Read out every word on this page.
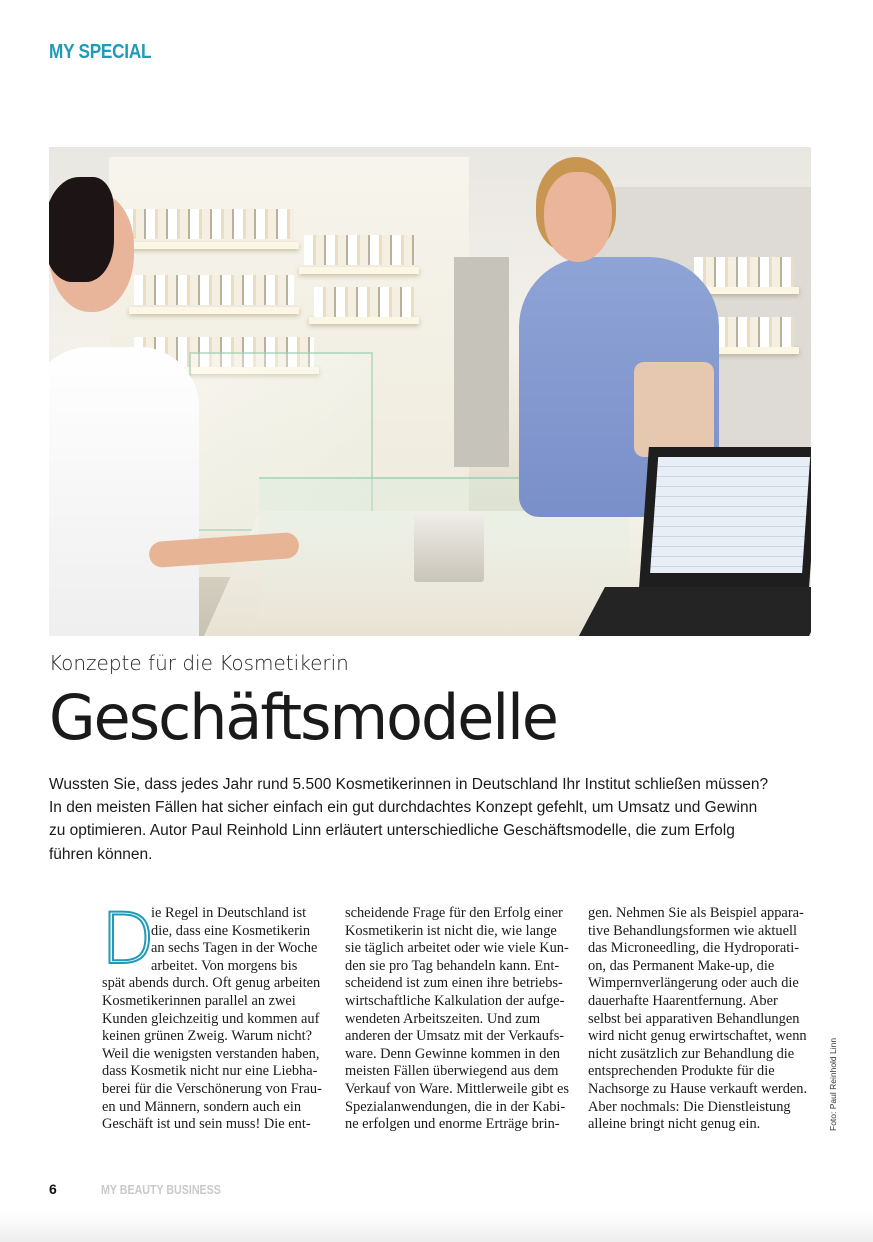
MY SPECIAL
Konzepte für die Kosmetikerin
Geschäftsmodelle
Wussten Sie, dass jedes Jahr rund 5.500 Kosmetikerinnen in Deutschland Ihr Institut schließen müssen?
In den meisten Fällen hat sicher einfach ein gut durchdachtes Konzept gefehlt, um Umsatz und Gewinn
zu optimieren. Autor Paul Reinhold Linn erläutert unterschiedliche Geschäftsmodelle, die zum Erfolg
führen können.
D
ie Regel in Deutschland ist
die, dass eine Kosmetikerin
an sechs Tagen in der Woche
arbeitet. Von morgens bis
spät abends durch. Oft genug arbeiten
Kosmetikerinnen parallel an zwei
Kunden gleichzeitig und kommen auf
keinen grünen Zweig. Warum nicht?
Weil die wenigsten verstanden haben,
dass Kosmetik nicht nur eine Liebha-
berei für die Verschönerung von Frau-
en und Männern, sondern auch ein
Geschäft ist und sein muss! Die ent-
scheidende Frage für den Erfolg einer
Kosmetikerin ist nicht die, wie lange
sie täglich arbeitet oder wie viele Kun-
den sie pro Tag behandeln kann. Ent-
scheidend ist zum einen ihre betriebs-
wirtschaftliche Kalkulation der aufge-
wendeten Arbeitszeiten. Und zum
anderen der Umsatz mit der Verkaufs-
ware. Denn Gewinne kommen in den
meisten Fällen überwiegend aus dem
Verkauf von Ware. Mittlerweile gibt es
Spezialanwendungen, die in der Kabi-
ne erfolgen und enorme Erträge brin-
gen. Nehmen Sie als Beispiel appara-
tive Behandlungsformen wie aktuell
das Microneedling, die Hydroporati-
on, das Permanent Make-up, die
Wimpernverlängerung oder auch die
dauerhafte Haarentfernung. Aber
selbst bei apparativen Behandlungen
wird nicht genug erwirtschaftet, wenn
nicht zusätzlich zur Behandlung die
entsprechenden Produkte für die
Nachsorge zu Hause verkauft werden.
Aber nochmals: Die Dienstleistung
alleine bringt nicht genug ein.	Foto: Paul Reinhold Linn
6	MY BEAUTY BUSINESS
